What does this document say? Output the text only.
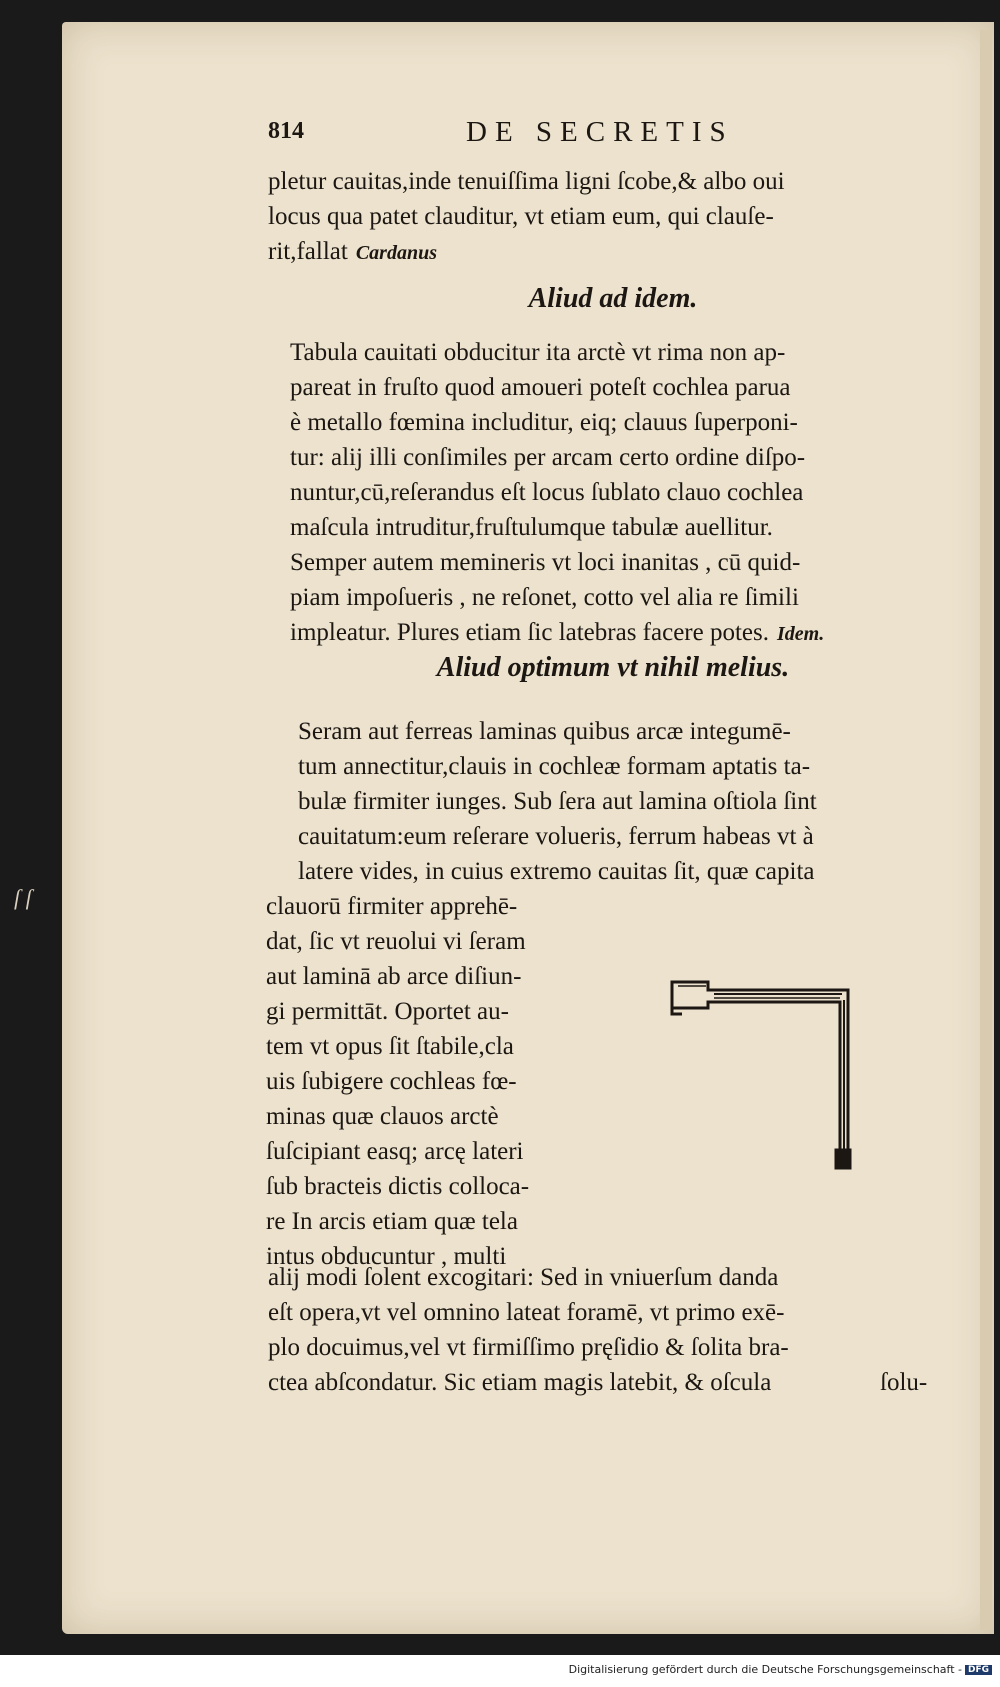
ſ ſ
814	DE SECRETIS
pletur cauitas,inde tenuiſſima ligni ſcobe,& albo oui
locus qua patet clauditur, vt etiam eum, qui clauſe-
rit,fallat Cardanus
Aliud ad idem.
Tabula cauitati obducitur ita arctè vt rima non ap-
pareat in fruſto quod amoueri poteſt cochlea parua
è metallo fœmina includitur, eiq; clauus ſuperponi-
tur: alij illi conſimiles per arcam certo ordine diſpo-
nuntur,cū,reſerandus eſt locus ſublato clauo cochlea
maſcula intruditur,fruſtulumque tabulæ auellitur.
Semper autem memineris vt loci inanitas , cū quid-
piam impoſueris , ne reſonet, cotto vel alia re ſimili
impleatur. Plures etiam ſic latebras facere potes. Idem.
Aliud optimum vt nihil melius.
Seram aut ferreas laminas quibus arcæ integumē-
tum annectitur,clauis in cochleæ formam aptatis ta-
bulæ firmiter iunges. Sub ſera aut lamina oſtiola ſint
cauitatum:eum reſerare volueris, ferrum habeas vt à
latere vides, in cuius extremo cauitas ſit, quæ capita
clauorū firmiter apprehē-
dat, ſic vt reuolui vi ſeram
aut laminā ab arce diſiun-
gi permittāt. Oportet au-
tem vt opus ſit ſtabile,cla
uis ſubigere cochleas fœ-
minas quæ clauos arctè
ſuſcipiant easq; arcę lateri
ſub bracteis dictis colloca-
re In arcis etiam quæ tela
intus obducuntur , multi
alij modi ſolent excogitari: Sed in vniuerſum danda
eſt opera,vt vel omnino lateat foramē, vt primo exē-
plo docuimus,vel vt firmiſſimo pręſidio & ſolita bra-
ctea abſcondatur. Sic etiam magis latebit, & oſcula	ſolu-
Digitalisierung gefördert durch die Deutsche Forschungsgemeinschaft - DFG
